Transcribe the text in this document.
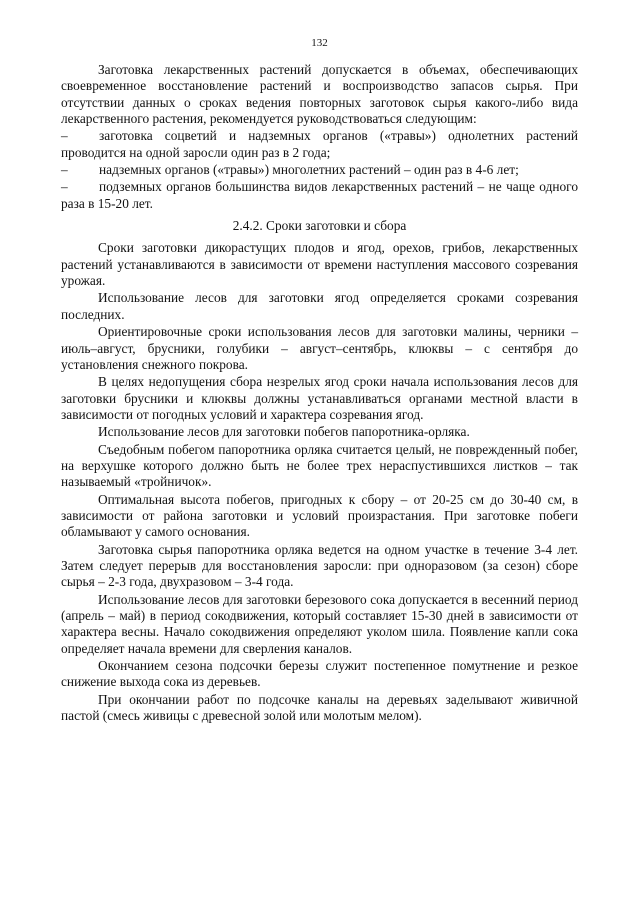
132

Заготовка лекарственных растений допускается в объемах, обеспечивающих своевременное восстановление растений и воспроизводство запасов сырья. При отсутствии данных о сроках ведения повторных заготовок сырья какого-либо вида лекарственного растения, рекомендуется руководствоваться следующим:

– заготовка соцветий и надземных органов («травы») однолетних растений проводится на одной заросли один раз в 2 года;

– надземных органов («травы») многолетних растений – один раз в 4-6 лет;

– подземных органов большинства видов лекарственных растений – не чаще одного раза в 15-20 лет.

2.4.2. Сроки заготовки и сбора

Сроки заготовки дикорастущих плодов и ягод, орехов, грибов, лекарственных растений устанавливаются в зависимости от времени наступления массового созревания урожая.

Использование лесов для заготовки ягод определяется сроками созревания последних.

Ориентировочные сроки использования лесов для заготовки малины, черники – июль–август, брусники, голубики – август–сентябрь, клюквы – с сентября до установления снежного покрова.

В целях недопущения сбора незрелых ягод сроки начала использования лесов для заготовки брусники и клюквы должны устанавливаться органами местной власти в зависимости от погодных условий и характера созревания ягод.

Использование лесов для заготовки побегов папоротника-орляка.

Съедобным побегом папоротника орляка считается целый, не поврежденный побег, на верхушке которого должно быть не более трех нераспустившихся листков – так называемый «тройничок».

Оптимальная высота побегов, пригодных к сбору – от 20-25 см до 30-40 см, в зависимости от района заготовки и условий произрастания. При заготовке побеги обламывают у самого основания.

Заготовка сырья папоротника орляка ведется на одном участке в течение 3-4 лет. Затем следует перерыв для восстановления заросли: при одноразовом (за сезон) сборе сырья – 2-3 года, двухразовом – 3-4 года.

Использование лесов для заготовки березового сока допускается в весенний период (апрель – май) в период сокодвижения, который составляет 15-30 дней в зависимости от характера весны. Начало сокодвижения определяют уколом шила. Появление капли сока определяет начала времени для сверления каналов.

Окончанием сезона подсочки березы служит постепенное помутнение и резкое снижение выхода сока из деревьев.

При окончании работ по подсочке каналы на деревьях заделывают живичной пастой (смесь живицы с древесной золой или молотым мелом).
